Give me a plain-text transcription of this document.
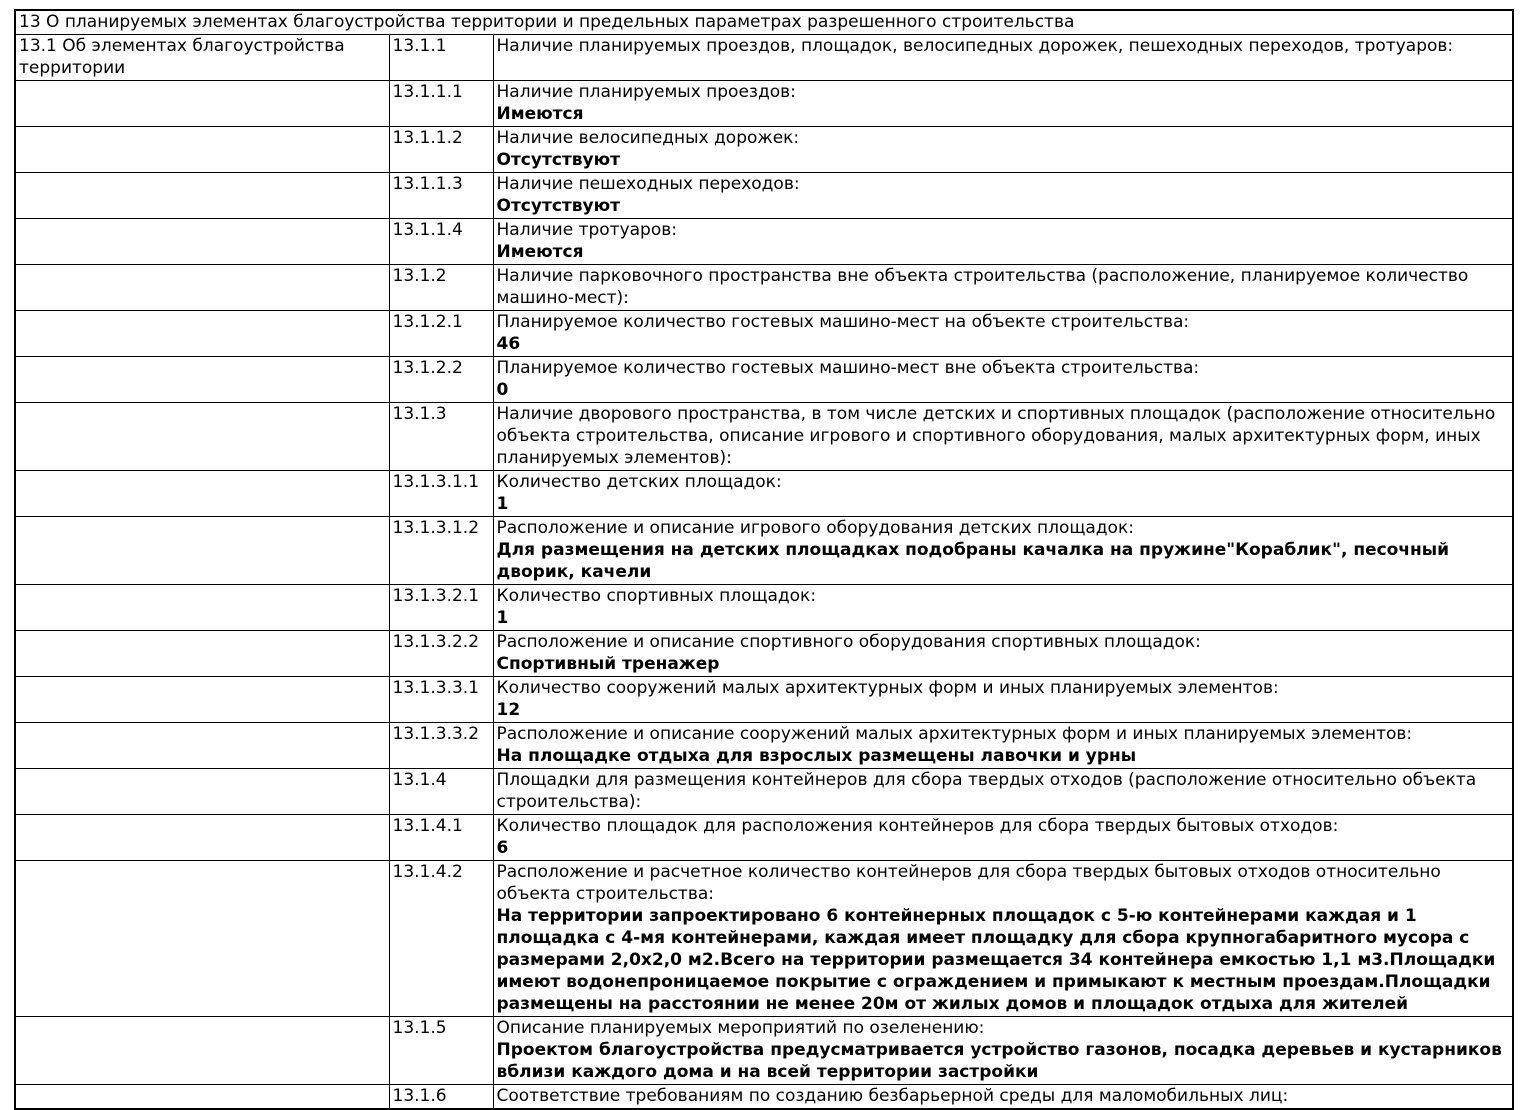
13 О планируемых элементах благоустройства территории и предельных параметрах разрешенного строительства		
13.1 Об элементах благоустройства территории	13.1.1	Наличие планируемых проездов, площадок, велосипедных дорожек, пешеходных переходов, тротуаров:

	13.1.1.1	Наличие планируемых проездов:
Имеются

	13.1.1.2	Наличие велосипедных дорожек:
Отсутствуют

	13.1.1.3	Наличие пешеходных переходов:
Отсутствуют

	13.1.1.4	Наличие тротуаров:
Имеются

	13.1.2	Наличие парковочного пространства вне объекта строительства (расположение, планируемое количество машино-мест):

	13.1.2.1	Планируемое количество гостевых машино-мест на объекте строительства:
46

	13.1.2.2	Планируемое количество гостевых машино-мест вне объекта строительства:
0

	13.1.3	Наличие дворового пространства, в том числе детских и спортивных площадок (расположение относительно объекта строительства, описание игрового и спортивного оборудования, малых архитектурных форм, иных планируемых элементов):

	13.1.3.1.1	Количество детских площадок:
1

	13.1.3.1.2	Расположение и описание игрового оборудования детских площадок:
Для размещения на детских площадках подобраны качалка на пружине"Кораблик", песочный дворик, качели

	13.1.3.2.1	Количество спортивных площадок:
1

	13.1.3.2.2	Расположение и описание спортивного оборудования спортивных площадок:
Спортивный тренажер

	13.1.3.3.1	Количество сооружений малых архитектурных форм и иных планируемых элементов:
12

	13.1.3.3.2	Расположение и описание сооружений малых архитектурных форм и иных планируемых элементов:
На площадке отдыха для взрослых размещены лавочки и урны

	13.1.4	Площадки для размещения контейнеров для сбора твердых отходов (расположение относительно объекта строительства):

	13.1.4.1	Количество площадок для расположения контейнеров для сбора твердых бытовых отходов:
6

	13.1.4.2	Расположение и расчетное количество контейнеров для сбора твердых бытовых отходов относительно объекта строительства:
На территории запроектировано 6 контейнерных площадок с 5-ю контейнерами каждая и 1 площадка с 4-мя контейнерами, каждая имеет площадку для сбора крупногабаритного мусора с размерами 2,0х2,0 м2.Всего на территории размещается 34 контейнера емкостью 1,1 м3.Площадки имеют водонепроницаемое покрытие с ограждением и примыкают к местным проездам.Площадки размещены на расстоянии не менее 20м от жилых домов и площадок отдыха для жителей

	13.1.5	Описание планируемых мероприятий по озеленению:
Проектом благоустройства предусматривается устройство газонов, посадка деревьев и кустарников вблизи каждого дома и на всей территории застройки

	13.1.6	Соответствие требованиям по созданию безбарьерной среды для маломобильных лиц:
